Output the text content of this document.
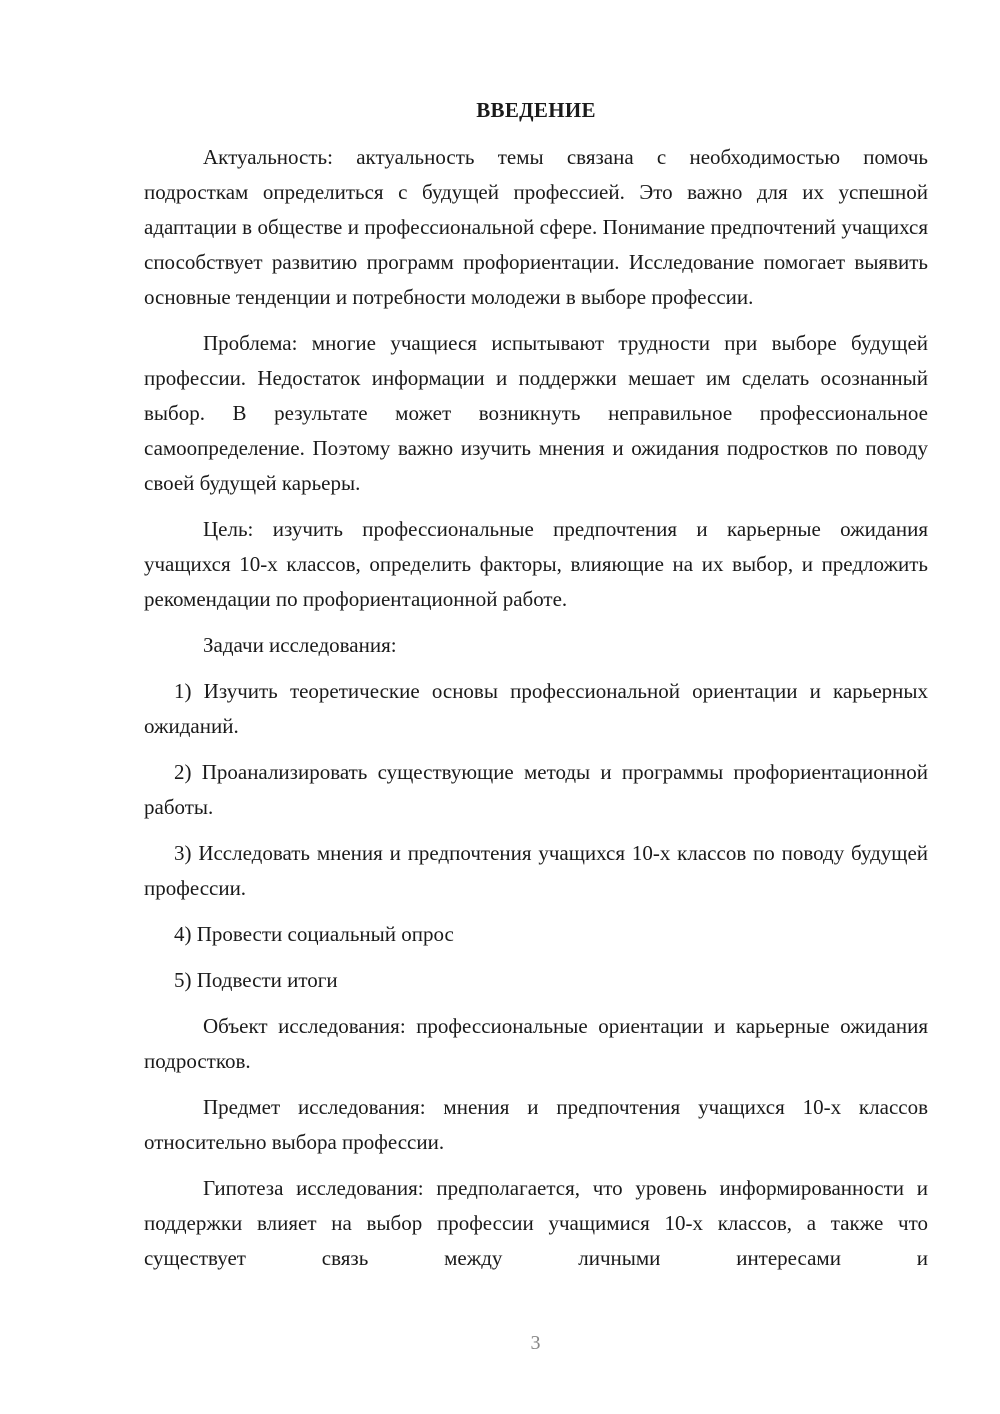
ВВЕДЕНИЕ

Актуальность: актуальность темы связана с необходимостью помочь подросткам определиться с будущей профессией. Это важно для их успешной адаптации в обществе и профессиональной сфере. Понимание предпочтений учащихся способствует развитию программ профориентации. Исследование помогает выявить основные тенденции и потребности молодежи в выборе профессии.

Проблема: многие учащиеся испытывают трудности при выборе будущей профессии. Недостаток информации и поддержки мешает им сделать осознанный выбор. В результате может возникнуть неправильное профессиональное самоопределение. Поэтому важно изучить мнения и ожидания подростков по поводу своей будущей карьеры.

Цель: изучить профессиональные предпочтения и карьерные ожидания учащихся 10-х классов, определить факторы, влияющие на их выбор, и предложить рекомендации по профориентационной работе.

Задачи исследования:

1) Изучить теоретические основы профессиональной ориентации и карьерных ожиданий.

2) Проанализировать существующие методы и программы профориентационной работы.

3) Исследовать мнения и предпочтения учащихся 10-х классов по поводу будущей профессии.

4) Провести социальный опрос

5) Подвести итоги

Объект исследования: профессиональные ориентации и карьерные ожидания подростков.

Предмет исследования: мнения и предпочтения учащихся 10-х классов относительно выбора профессии.

Гипотеза исследования: предполагается, что уровень информированности и поддержки влияет на выбор профессии учащимися 10-х классов, а также что существует связь между личными интересами и

3
